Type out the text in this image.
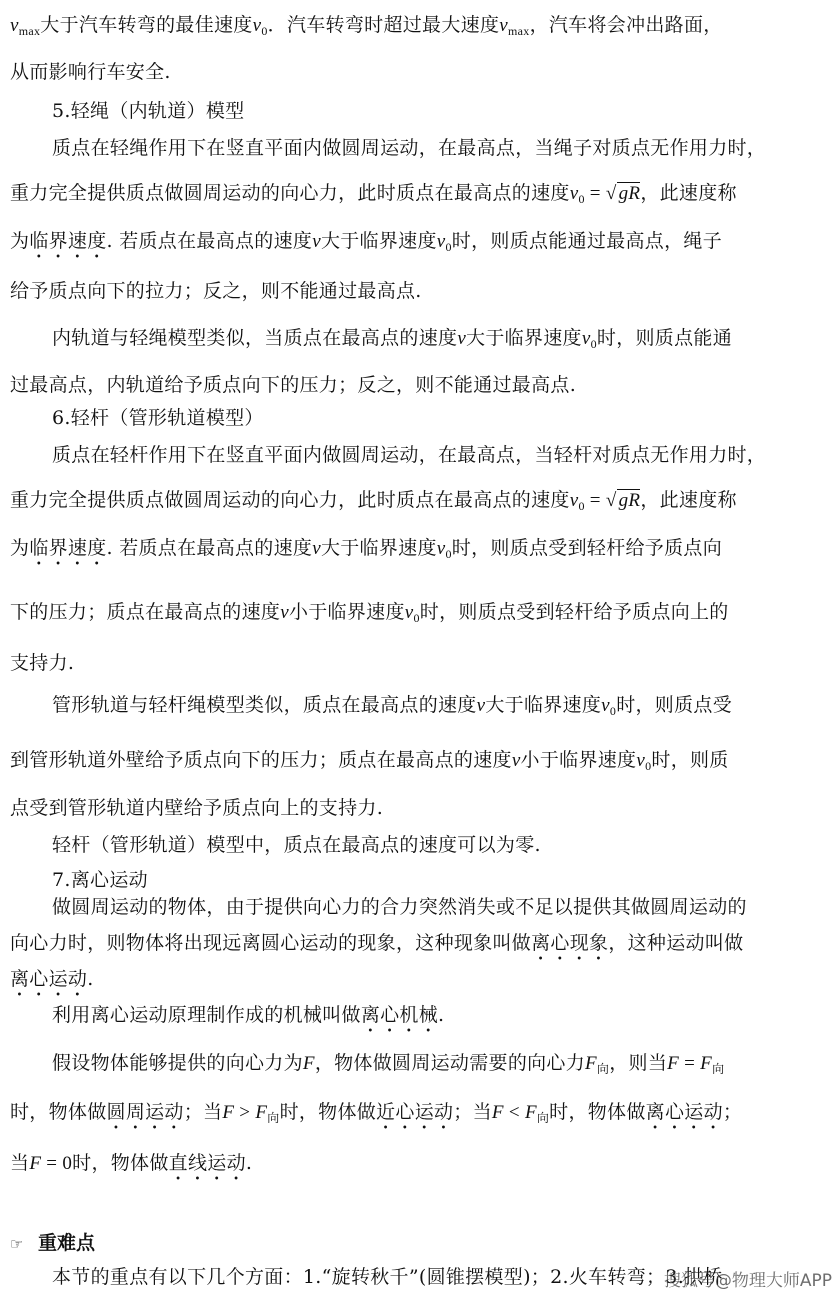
$v_{max}$大于汽车转弯的最佳速度$v_0$．汽车转弯时超过最大速度$v_{max}$，汽车将会冲出路面，
从而影响行车安全.
5.轻绳（内轨道）模型
质点在轻绳作用下在竖直平面内做圆周运动，在最高点，当绳子对质点无作用力时，
重力完全提供质点做圆周运动的向心力，此时质点在最高点的速度$v_0$ = √ gR，此速度称
为临界速度. 若质点在最高点的速度v大于临界速度$v_0$时，则质点能通过最高点，绳子
给予质点向下的拉力；反之，则不能通过最高点.
内轨道与轻绳模型类似，当质点在最高点的速度v大于临界速度$v_0$时，则质点能通
过最高点，内轨道给予质点向下的压力；反之，则不能通过最高点.
6.轻杆（管形轨道模型）
质点在轻杆作用下在竖直平面内做圆周运动，在最高点，当轻杆对质点无作用力时，
重力完全提供质点做圆周运动的向心力，此时质点在最高点的速度$v_0$ = √ gR，此速度称
为临界速度. 若质点在最高点的速度v大于临界速度$v_0$时，则质点受到轻杆给予质点向
下的压力；质点在最高点的速度v小于临界速度$v_0$时，则质点受到轻杆给予质点向上的
支持力.
管形轨道与轻杆绳模型类似，质点在最高点的速度v大于临界速度$v_0$时，则质点受
到管形轨道外壁给予质点向下的压力；质点在最高点的速度v小于临界速度$v_0$时，则质
点受到管形轨道内壁给予质点向上的支持力.
轻杆（管形轨道）模型中，质点在最高点的速度可以为零.
7.离心运动
做圆周运动的物体，由于提供向心力的合力突然消失或不足以提供其做圆周运动的
向心力时，则物体将出现远离圆心运动的现象，这种现象叫做离心现象，这种运动叫做
离心运动.
利用离心运动原理制作成的机械叫做离心机械.
假设物体能够提供的向心力为F，物体做圆周运动需要的向心力$F_向$，则当$F = F_向$
时，物体做圆周运动；当$F > F_向$时，物体做近心运动；当$F < F_向$时，物体做离心运动；
当F = 0时，物体做直线运动.
☞ 重难点
本节的重点有以下几个方面：1.“旋转秋千”(圆锥摆模型)；2.火车转弯；3.拱桥
搜狐号@物理大师APP
